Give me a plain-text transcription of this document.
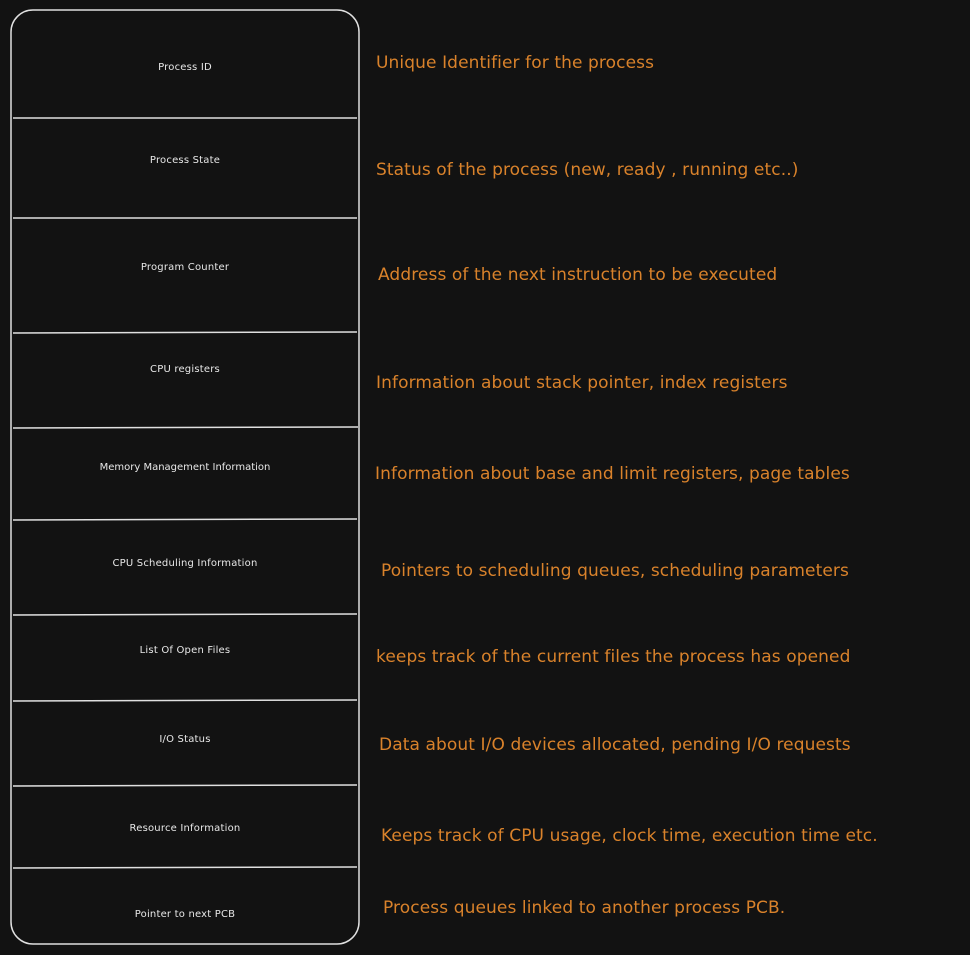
Process ID
Process State
Program Counter
CPU registers
Memory Management Information
CPU Scheduling Information
List Of Open Files
I/O Status
Resource Information
Pointer to next PCB
Unique Identifier for the process
Status of the process (new, ready , running etc..)
Address of the next instruction to be executed
Information about stack pointer, index registers
Information about base and limit registers, page tables
Pointers to scheduling queues, scheduling parameters
keeps track of the current files the process has opened
Data about I/O devices allocated, pending I/O requests
Keeps track of CPU usage, clock time, execution time etc.
Process queues linked to another process PCB.
